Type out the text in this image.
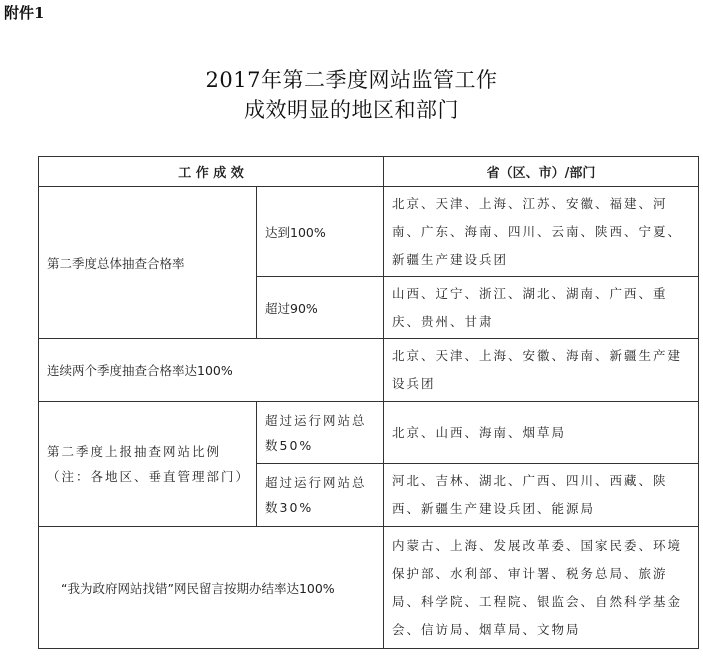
附件1
2017年第二季度网站监管工作
成效明显的地区和部门
工 作 成 效		省（区、市）/部门
第二季度总体抽查合格率	达到100%	北京、天津、上海、江苏、安徽、福建、河南、广东、海南、四川、云南、陕西、宁夏、新疆生产建设兵团
	超过90%	山西、辽宁、浙江、湖北、湖南、广西、重庆、贵州、甘肃
连续两个季度抽查合格率达100%		北京、天津、上海、安徽、海南、新疆生产建设兵团
第二季度上报抽查网站比例（注：各地区、垂直管理部门）	超过运行网站总数50%	北京、山西、海南、烟草局
	超过运行网站总数30%	河北、吉林、湖北、广西、四川、西藏、陕西、新疆生产建设兵团、能源局
“我为政府网站找错”网民留言按期办结率达100%		内蒙古、上海、发展改革委、国家民委、环境保护部、水利部、审计署、税务总局、旅游局、科学院、工程院、银监会、自然科学基金会、信访局、烟草局、文物局
